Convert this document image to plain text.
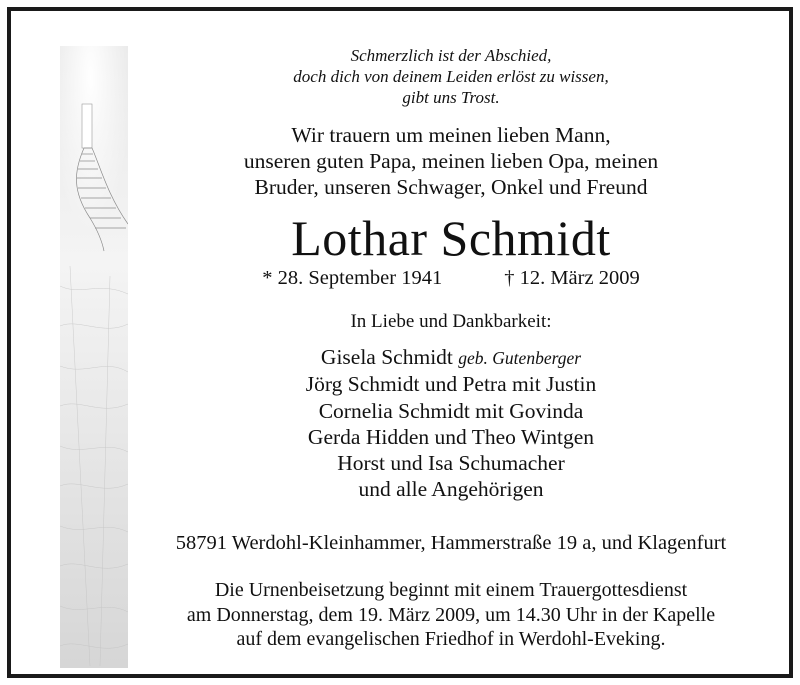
Schmerzlich ist der Abschied,
doch dich von deinem Leiden erlöst zu wissen,
gibt uns Trost.
Wir trauern um meinen lieben Mann,
unseren guten Papa, meinen lieben Opa, meinen
Bruder, unseren Schwager, Onkel und Freund
Lothar Schmidt
* 28. September 1941	† 12. März 2009
In Liebe und Dankbarkeit:
Gisela Schmidt geb. Gutenberger
Jörg Schmidt und Petra mit Justin
Cornelia Schmidt mit Govinda
Gerda Hidden und Theo Wintgen
Horst und Isa Schumacher
und alle Angehörigen
58791 Werdohl-Kleinhammer, Hammerstraße 19 a, und Klagenfurt
Die Urnenbeisetzung beginnt mit einem Trauergottesdienst
am Donnerstag, dem 19. März 2009, um 14.30 Uhr in der Kapelle
auf dem evangelischen Friedhof in Werdohl-Eveking.
